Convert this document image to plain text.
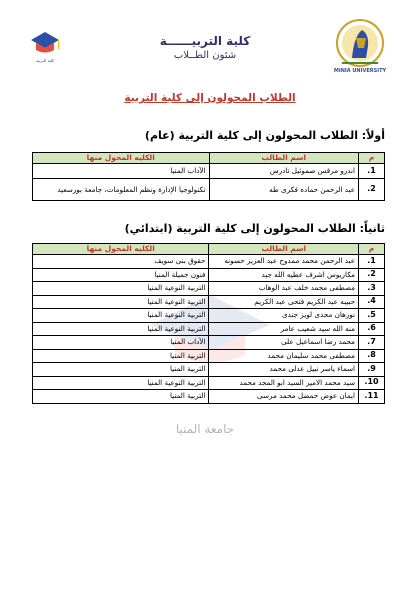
كلية التربية
كلية التربيــــــة
شئون الطــلاب
MINIA UNIVERSITY
الطلاب المحولون إلى كلية التربية
أولاً: الطلاب المحولون إلى كلية التربية (عام)
م	اسم الطالب	الكليه المحول منها
1.	اندرو مرقس صموئيل تادرس	الآداب المنيا
2.	عبد الرحمن حماده فكرى طه	تكنولوجيا الإدارة ونظم المعلومات، جامعة بورسعيد
ثانياً: الطلاب المحولون إلى كلية التربية (ابتدائي)
م	اسم الطالب	الكليه المحول منها
1.	عبد الرحمن محمد ممدوح عبد العزيز حسونه	حقوق بنى سويف
2.	مكاريوس اشرف عطيه الله جيد	فنون جميلة المنيا
3.	مصطفى محمد خلف عبد الوهاب	التربية النوعية المنيا
4.	حبيبه عبد الكريم فتحى عبد الكريم	التربية النوعية المنيا
5.	نورهان مجدى لويز جندى	التربية النوعية المنيا
6.	منه الله سيد شعيب عامر	التربية النوعية المنيا
7.	محمد رضا اسماعيل على	الآداب المنيا
8.	مصطفى محمد سليمان محمد	التربية المنيا
9.	اسماء ياسر نبيل عدلى محمد	التربية المنيا
10.	سيد محمد الامير السيد ابو المجد محمد	التربية النوعية المنيا
11.	ايمان عوض حمضل محمد مرسى	التربية المنيا
جامعة المنيا
